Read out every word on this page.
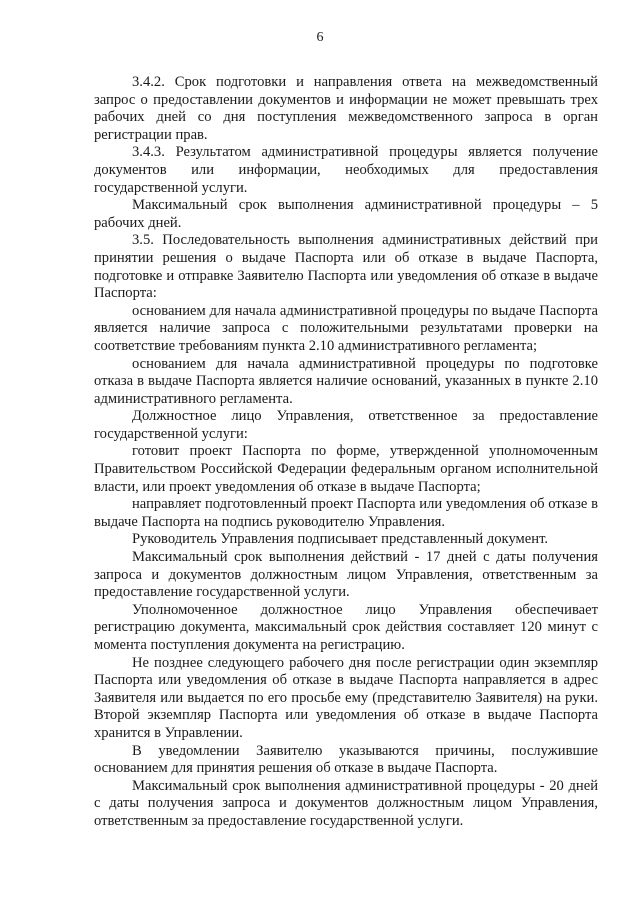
6

3.4.2. Срок подготовки и направления ответа на межведомственный запрос о предоставлении документов и информации не может превышать трех рабочих дней со дня поступления межведомственного запроса в орган регистрации прав.

3.4.3. Результатом административной процедуры является получение документов или информации, необходимых для предоставления государственной услуги.

Максимальный срок выполнения административной процедуры – 5 рабочих дней.

3.5. Последовательность выполнения административных действий при принятии решения о выдаче Паспорта или об отказе в выдаче Паспорта, подготовке и отправке Заявителю Паспорта или уведомления об отказе в выдаче Паспорта:

основанием для начала административной процедуры по выдаче Паспорта является наличие запроса с положительными результатами проверки на соответствие требованиям пункта 2.10 административного регламента;

основанием для начала административной процедуры по подготовке отказа в выдаче Паспорта является наличие оснований, указанных в пункте 2.10 административного регламента.

Должностное лицо Управления, ответственное за предоставление государственной услуги:

готовит проект Паспорта по форме, утвержденной уполномоченным Правительством Российской Федерации федеральным органом исполнительной власти, или проект уведомления об отказе в выдаче Паспорта;

направляет подготовленный проект Паспорта или уведомления об отказе в выдаче Паспорта на подпись руководителю Управления.

Руководитель Управления подписывает представленный документ.

Максимальный срок выполнения действий - 17 дней с даты получения запроса и документов должностным лицом Управления, ответственным за предоставление государственной услуги.

Уполномоченное должностное лицо Управления обеспечивает регистрацию документа, максимальный срок действия составляет 120 минут с момента поступления документа на регистрацию.

Не позднее следующего рабочего дня после регистрации один экземпляр Паспорта или уведомления об отказе в выдаче Паспорта направляется в адрес Заявителя или выдается по его просьбе ему (представителю Заявителя) на руки. Второй экземпляр Паспорта или уведомления об отказе в выдаче Паспорта хранится в Управлении.

В уведомлении Заявителю указываются причины, послужившие основанием для принятия решения об отказе в выдаче Паспорта.

Максимальный срок выполнения административной процедуры - 20 дней с даты получения запроса и документов должностным лицом Управления, ответственным за предоставление государственной услуги.
